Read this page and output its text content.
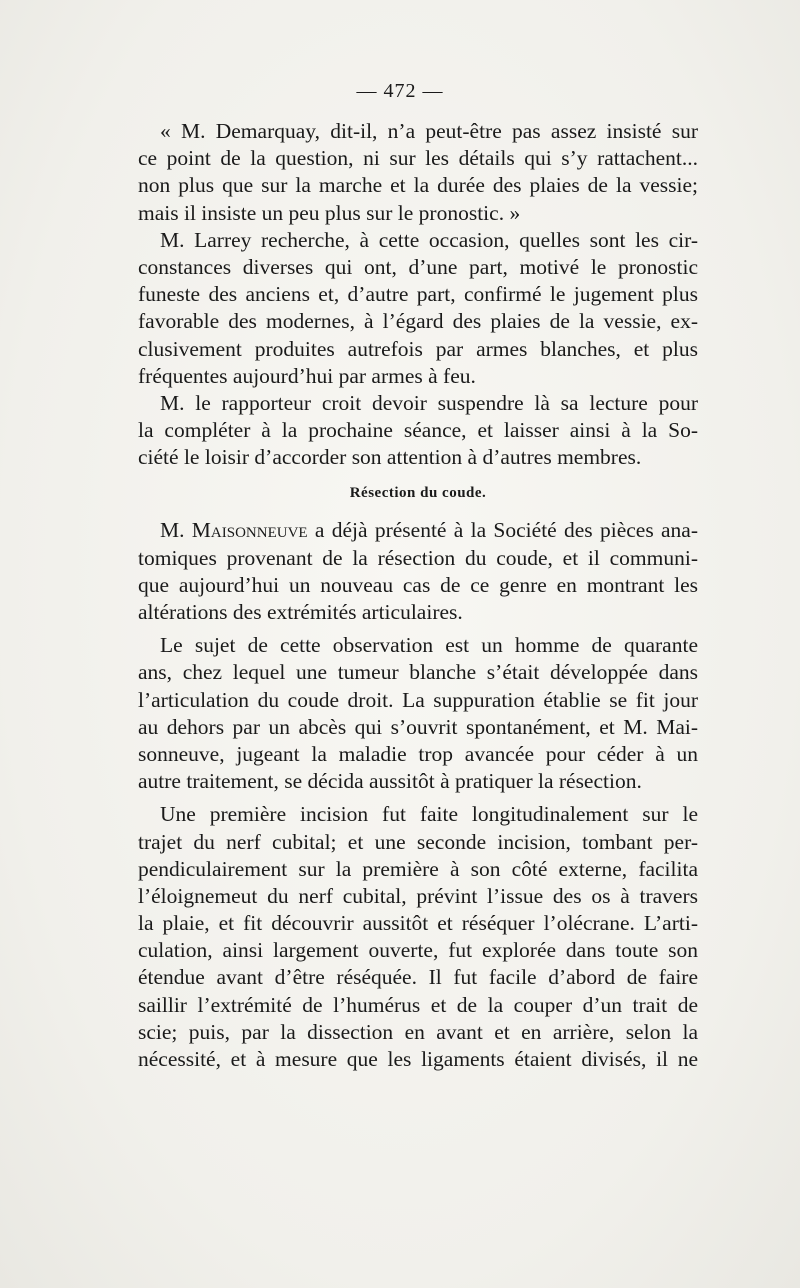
— 472 —

« M. Demarquay, dit-il, n’a peut-être pas assez insisté sur
ce point de la question, ni sur les détails qui s’y rattachent...
non plus que sur la marche et la durée des plaies de la vessie;
mais il insiste un peu plus sur le pronostic. »

M. Larrey recherche, à cette occasion, quelles sont les cir-
constances diverses qui ont, d’une part, motivé le pronostic
funeste des anciens et, d’autre part, confirmé le jugement plus
favorable des modernes, à l’égard des plaies de la vessie, ex-
clusivement produites autrefois par armes blanches, et plus
fréquentes aujourd’hui par armes à feu.

M. le rapporteur croit devoir suspendre là sa lecture pour
la compléter à la prochaine séance, et laisser ainsi à la So-
ciété le loisir d’accorder son attention à d’autres membres.

Résection du coude.

M. Maisonneuve a déjà présenté à la Société des pièces ana-
tomiques provenant de la résection du coude, et il communi-
que aujourd’hui un nouveau cas de ce genre en montrant les
altérations des extrémités articulaires.

Le sujet de cette observation est un homme de quarante
ans, chez lequel une tumeur blanche s’était développée dans
l’articulation du coude droit. La suppuration établie se fit jour
au dehors par un abcès qui s’ouvrit spontanément, et M. Mai-
sonneuve, jugeant la maladie trop avancée pour céder à un
autre traitement, se décida aussitôt à pratiquer la résection.

Une première incision fut faite longitudinalement sur le
trajet du nerf cubital; et une seconde incision, tombant per-
pendiculairement sur la première à son côté externe, facilita
l’éloignemeut du nerf cubital, prévint l’issue des os à travers
la plaie, et fit découvrir aussitôt et réséquer l’olécrane. L’arti-
culation, ainsi largement ouverte, fut explorée dans toute son
étendue avant d’être réséquée. Il fut facile d’abord de faire
saillir l’extrémité de l’humérus et de la couper d’un trait de
scie; puis, par la dissection en avant et en arrière, selon la
nécessité, et à mesure que les ligaments étaient divisés, il ne
